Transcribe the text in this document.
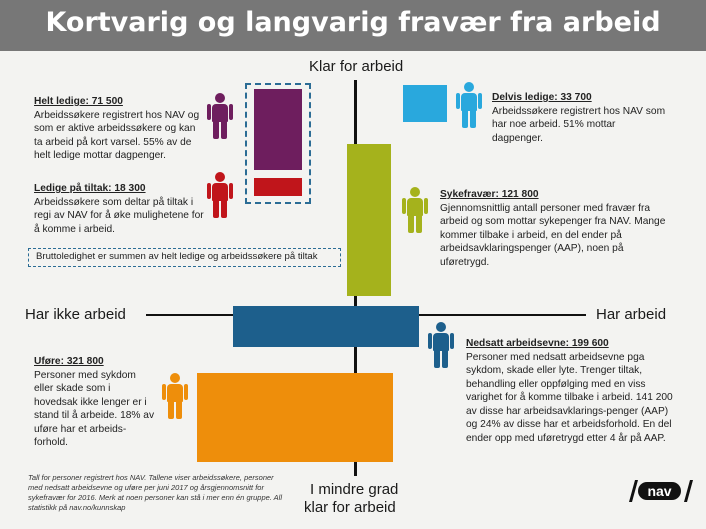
Kortvarig og langvarig fravær fra arbeid
Klar for arbeid
I mindre grad
klar for arbeid
Har ikke arbeid	Har arbeid
Helt ledige: 71 500
Arbeidssøkere registrert hos NAV og som er aktive arbeidssøkere og kan ta arbeid på kort varsel. 55% av de helt ledige mottar dagpenger.
Ledige på tiltak: 18 300
Arbeidssøkere som deltar på tiltak i regi av NAV for å øke mulighetene for å komme i arbeid.
Bruttoledighet er summen av helt ledige og arbeidssøkere på tiltak
Delvis ledige: 33 700
Arbeidssøkere registrert hos NAV som har noe arbeid. 51% mottar dagpenger.
Sykefravær: 121 800
Gjennomsnittlig antall personer med fravær fra arbeid og som mottar sykepenger fra NAV. Mange kommer tilbake i arbeid, en del ender på arbeidsavklaringspenger (AAP), noen på uføretrygd.
Nedsatt arbeidsevne: 199 600
Personer med nedsatt arbeidsevne pga sykdom, skade eller lyte. Trenger tiltak, behandling eller oppfølging med en viss varighet for å komme tilbake i arbeid. 141 200 av disse har arbeidsavklarings-penger (AAP) og 24% av disse har et arbeidsforhold. En del ender opp med uføretrygd etter 4 år på AAP.
Uføre: 321 800
Personer med sykdom eller skade som i hovedsak ikke lenger er i stand til å arbeide. 18% av uføre har et arbeids-forhold.
Tall for personer registrert hos NAV. Tallene viser arbeidssøkere, personer med nedsatt arbeidsevne og uføre per juni 2017 og årsgjennomsnitt for sykefravær for 2016. Merk at noen personer kan stå i mer enn én gruppe. All statistikk på nav.no/kunnskap
nav
